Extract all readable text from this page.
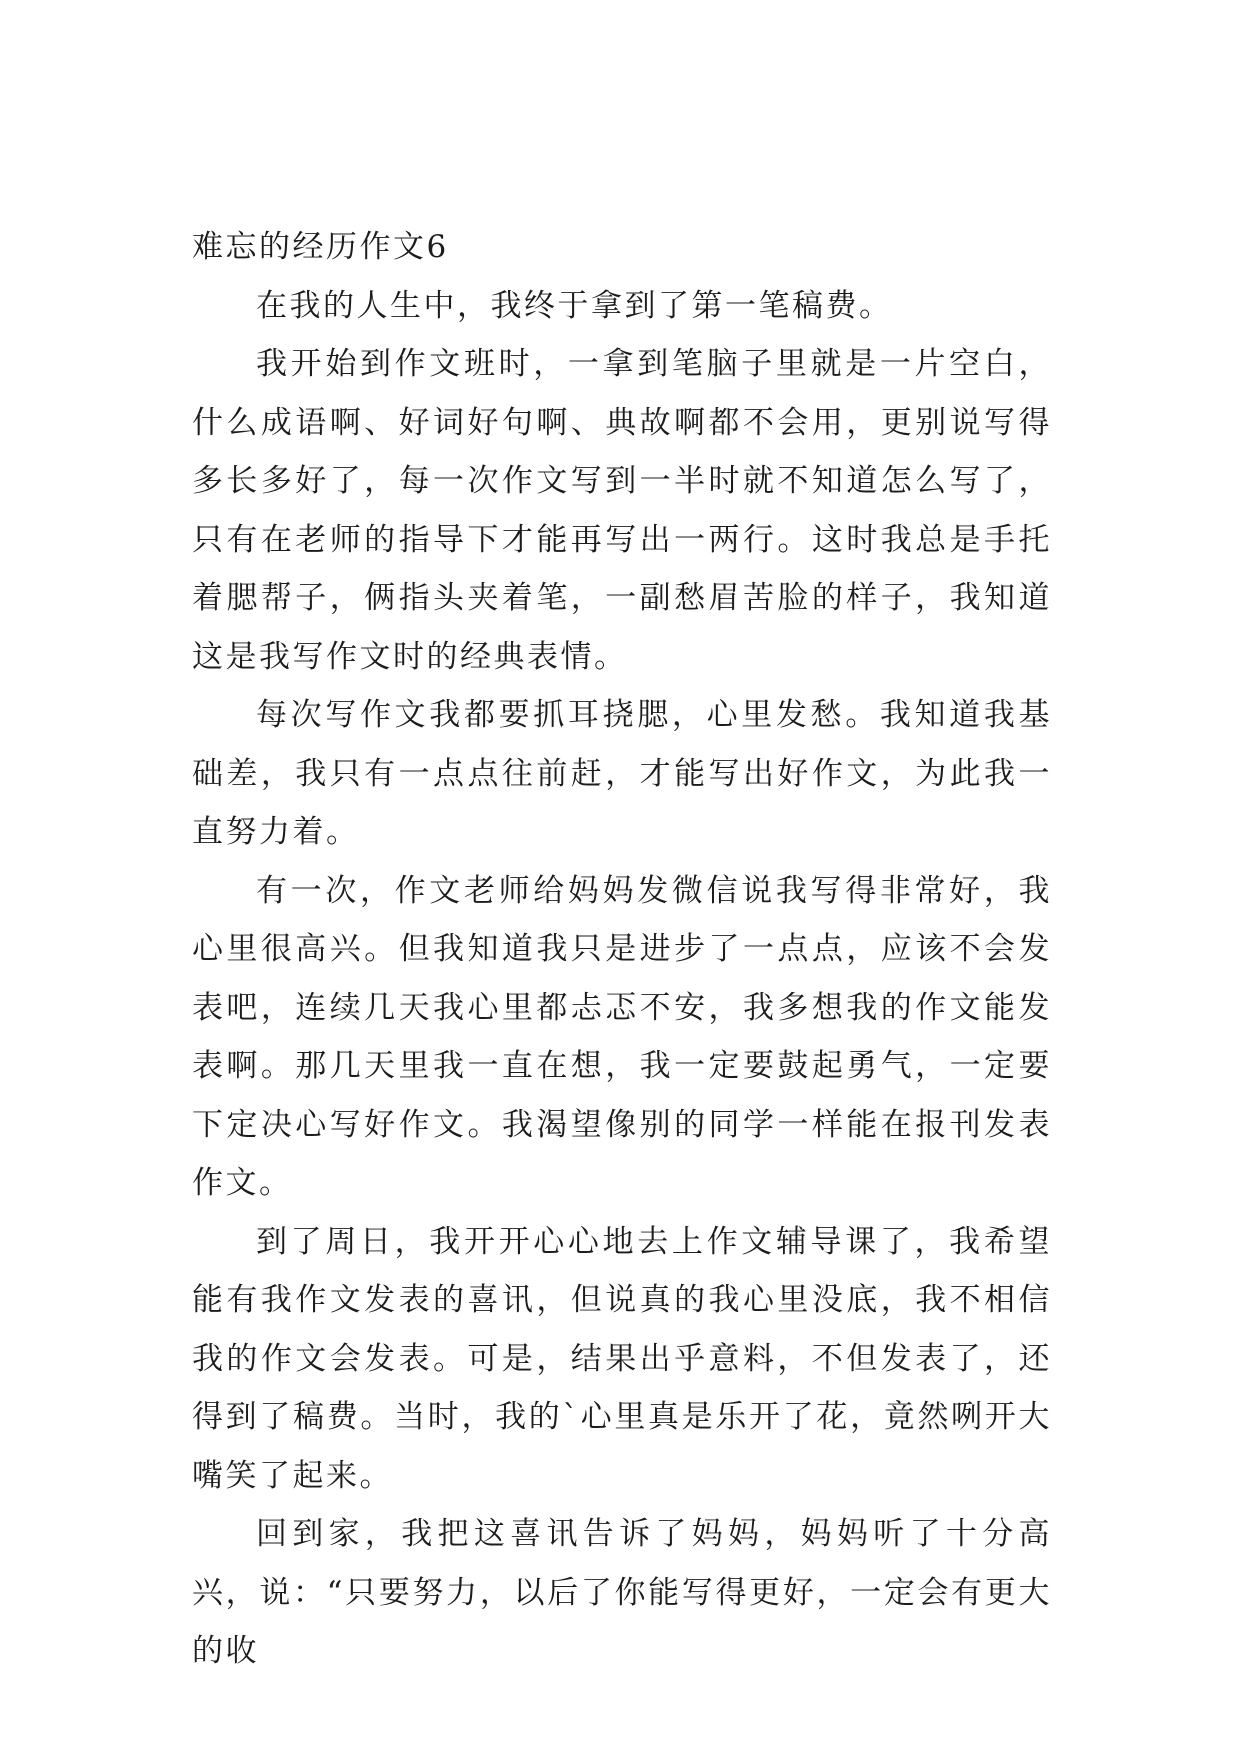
难忘的经历作文6

在我的人生中，我终于拿到了第一笔稿费。

我开始到作文班时，一拿到笔脑子里就是一片空白，什么成语啊、好词好句啊、典故啊都不会用，更别说写得多长多好了，每一次作文写到一半时就不知道怎么写了，只有在老师的指导下才能再写出一两行。这时我总是手托着腮帮子，俩指头夹着笔，一副愁眉苦脸的样子，我知道这是我写作文时的经典表情。

每次写作文我都要抓耳挠腮，心里发愁。我知道我基础差，我只有一点点往前赶，才能写出好作文，为此我一直努力着。

有一次，作文老师给妈妈发微信说我写得非常好，我心里很高兴。但我知道我只是进步了一点点，应该不会发表吧，连续几天我心里都忐忑不安，我多想我的作文能发表啊。那几天里我一直在想，我一定要鼓起勇气，一定要下定决心写好作文。我渴望像别的同学一样能在报刊发表作文。

到了周日，我开开心心地去上作文辅导课了，我希望能有我作文发表的喜讯，但说真的我心里没底，我不相信我的作文会发表。可是，结果出乎意料，不但发表了，还得到了稿费。当时，我的`心里真是乐开了花，竟然咧开大嘴笑了起来。

回到家，我把这喜讯告诉了妈妈，妈妈听了十分高兴，说：“只要努力，以后了你能写得更好，一定会有更大的收
